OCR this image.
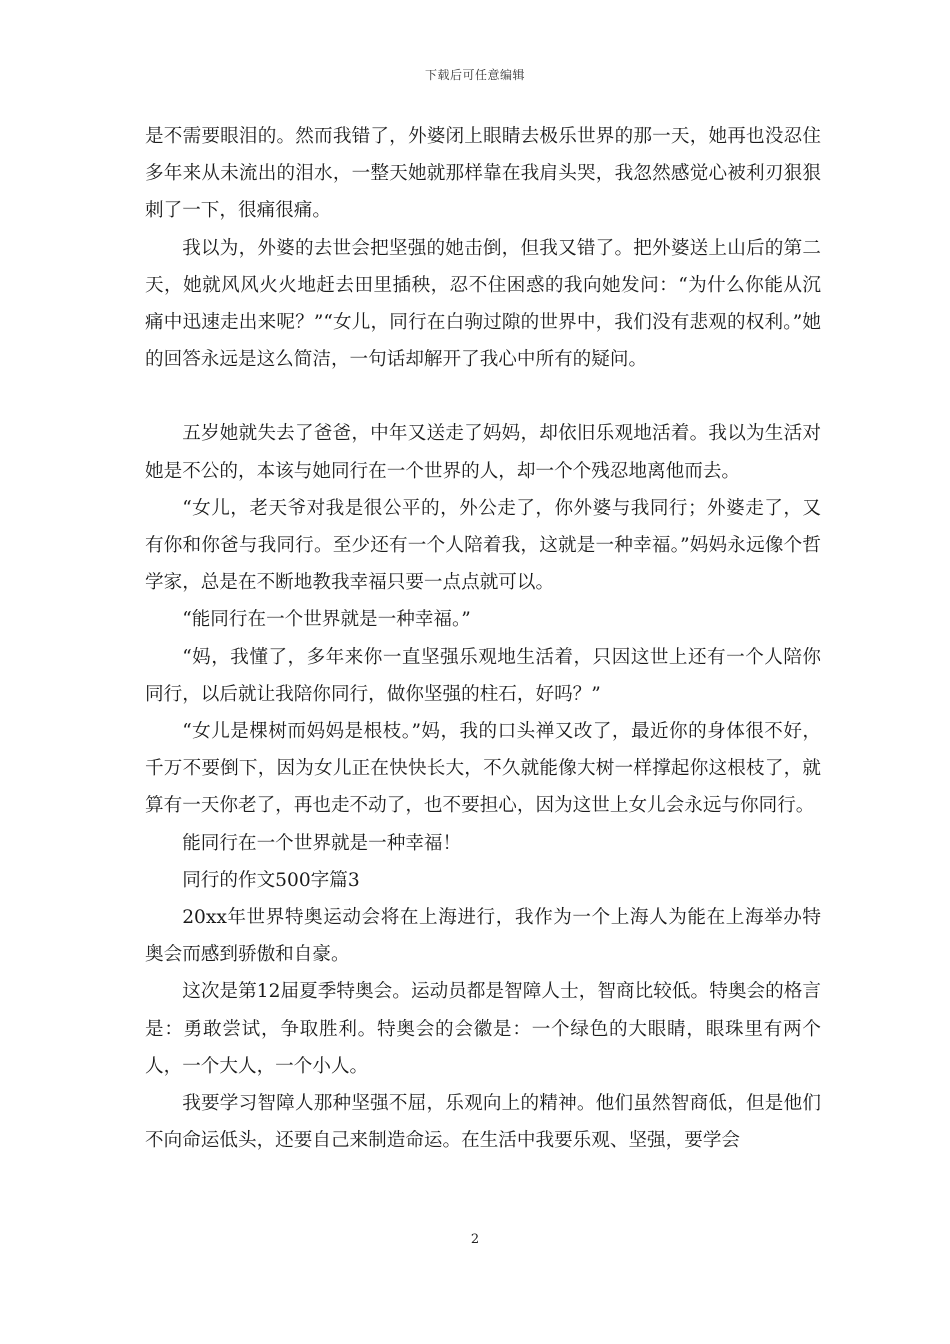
下载后可任意编辑

是不需要眼泪的。然而我错了，外婆闭上眼睛去极乐世界的那一天，她再也没忍住多年来从未流出的泪水，一整天她就那样靠在我肩头哭，我忽然感觉心被利刃狠狠刺了一下，很痛很痛。

我以为，外婆的去世会把坚强的她击倒，但我又错了。把外婆送上山后的第二天，她就风风火火地赶去田里插秧，忍不住困惑的我向她发问：“为什么你能从沉痛中迅速走出来呢？”“女儿，同行在白驹过隙的世界中，我们没有悲观的权利。”她的回答永远是这么简洁，一句话却解开了我心中所有的疑问。

五岁她就失去了爸爸，中年又送走了妈妈，却依旧乐观地活着。我以为生活对她是不公的，本该与她同行在一个世界的人，却一个个残忍地离他而去。

“女儿，老天爷对我是很公平的，外公走了，你外婆与我同行；外婆走了，又有你和你爸与我同行。至少还有一个人陪着我，这就是一种幸福。”妈妈永远像个哲学家，总是在不断地教我幸福只要一点点就可以。

“能同行在一个世界就是一种幸福。”

“妈，我懂了，多年来你一直坚强乐观地生活着，只因这世上还有一个人陪你同行，以后就让我陪你同行，做你坚强的柱石，好吗？”

“女儿是棵树而妈妈是根枝。”妈，我的口头禅又改了，最近你的身体很不好，千万不要倒下，因为女儿正在快快长大，不久就能像大树一样撑起你这根枝了，就算有一天你老了，再也走不动了，也不要担心，因为这世上女儿会永远与你同行。

能同行在一个世界就是一种幸福！

同行的作文500字篇3

20xx年世界特奥运动会将在上海进行，我作为一个上海人为能在上海举办特奥会而感到骄傲和自豪。

这次是第12届夏季特奥会。运动员都是智障人士，智商比较低。特奥会的格言是：勇敢尝试，争取胜利。特奥会的会徽是：一个绿色的大眼睛，眼珠里有两个人，一个大人，一个小人。

我要学习智障人那种坚强不屈，乐观向上的精神。他们虽然智商低，但是他们不向命运低头，还要自己来制造命运。在生活中我要乐观、坚强，要学会

2
